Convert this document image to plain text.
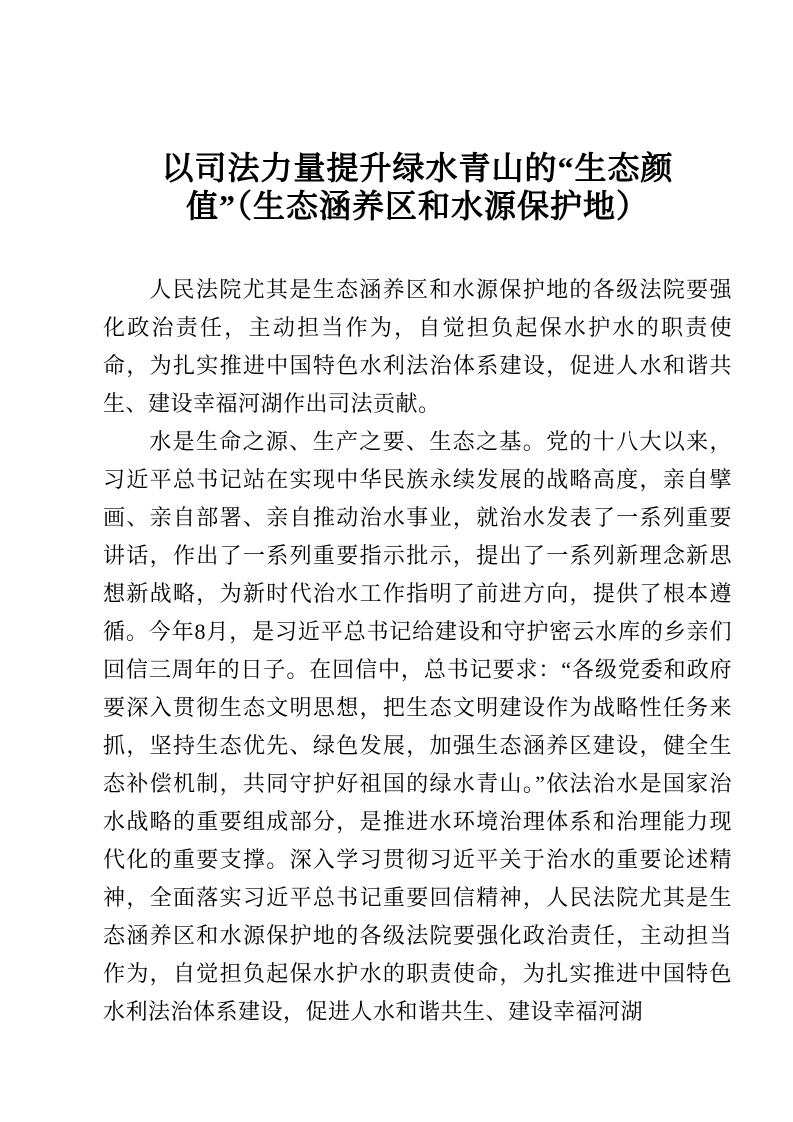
以司法力量提升绿水青山的“生态颜
值”（生态涵养区和水源保护地）

人民法院尤其是生态涵养区和水源保护地的各级法院要强化政治责任，主动担当作为，自觉担负起保水护水的职责使命，为扎实推进中国特色水利法治体系建设，促进人水和谐共生、建设幸福河湖作出司法贡献。

水是生命之源、生产之要、生态之基。党的十八大以来，习近平总书记站在实现中华民族永续发展的战略高度，亲自擘画、亲自部署、亲自推动治水事业，就治水发表了一系列重要讲话，作出了一系列重要指示批示，提出了一系列新理念新思想新战略，为新时代治水工作指明了前进方向，提供了根本遵循。今年8月，是习近平总书记给建设和守护密云水库的乡亲们回信三周年的日子。在回信中，总书记要求：“各级党委和政府要深入贯彻生态文明思想，把生态文明建设作为战略性任务来抓，坚持生态优先、绿色发展，加强生态涵养区建设，健全生态补偿机制，共同守护好祖国的绿水青山。”依法治水是国家治水战略的重要组成部分，是推进水环境治理体系和治理能力现代化的重要支撑。深入学习贯彻习近平关于治水的重要论述精神，全面落实习近平总书记重要回信精神，人民法院尤其是生态涵养区和水源保护地的各级法院要强化政治责任，主动担当作为，自觉担负起保水护水的职责使命，为扎实推进中国特色水利法治体系建设，促进人水和谐共生、建设幸福河湖
